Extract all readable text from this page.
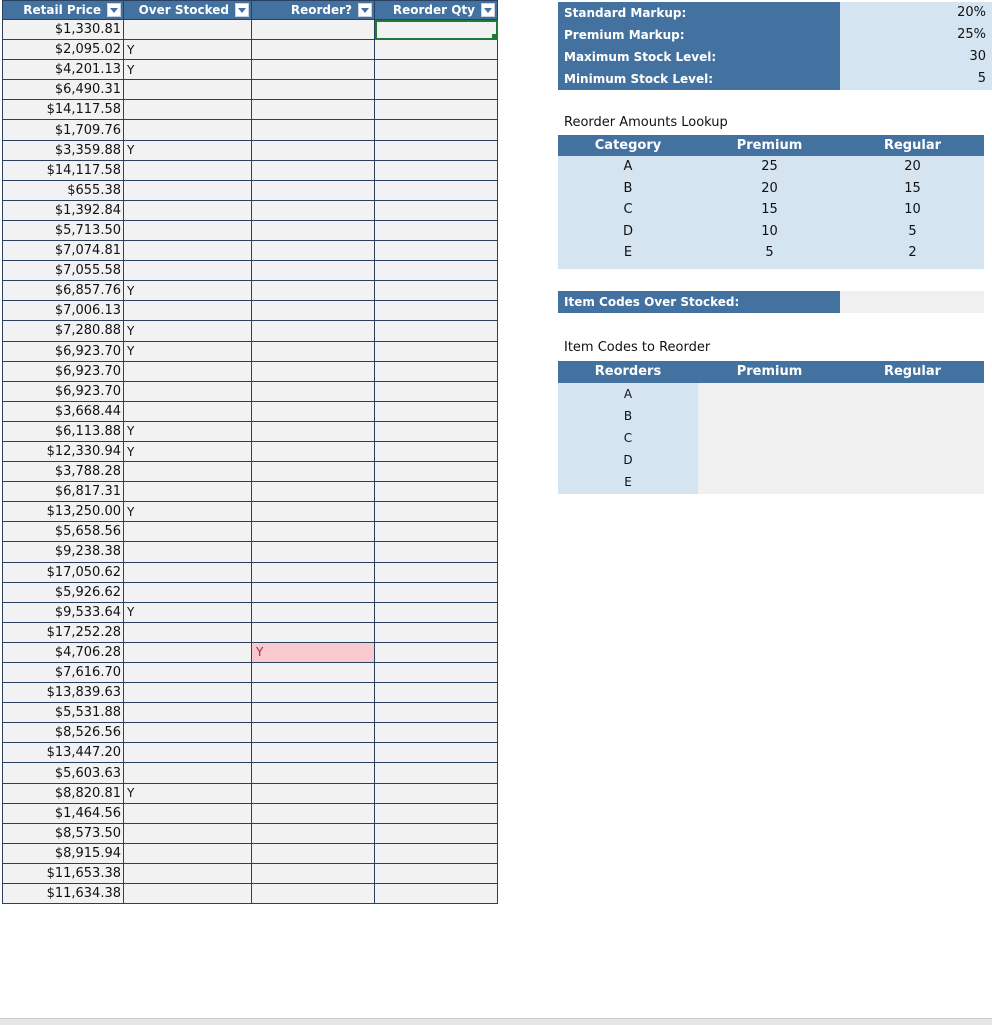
Retail Price	Over Stocked	Reorder?	Reorder Qty

$1,330.81			
$2,095.02	Y		
$4,201.13	Y		
$6,490.31			
$14,117.58			
$1,709.76			
$3,359.88	Y		
$14,117.58			
$655.38			
$1,392.84			
$5,713.50			
$7,074.81			
$7,055.58			
$6,857.76	Y		
$7,006.13			
$7,280.88	Y		
$6,923.70	Y		
$6,923.70			
$6,923.70			
$3,668.44			
$6,113.88	Y		
$12,330.94	Y		
$3,788.28			
$6,817.31			
$13,250.00	Y		
$5,658.56			
$9,238.38			
$17,050.62			
$5,926.62			
$9,533.64	Y		
$17,252.28			
$4,706.28		Y	
$7,616.70			
$13,839.63			
$5,531.88			
$8,526.56			
$13,447.20			
$5,603.63			
$8,820.81	Y		
$1,464.56			
$8,573.50			
$8,915.94			
$11,653.38			
$11,634.38			
Standard Markup:	20%
Premium Markup:	25%
Maximum Stock Level:	30
Minimum Stock Level:	5
Reorder Amounts Lookup
Category	Premium	Regular
A	25	20
B	20	15
C	15	10
D	10	5
E	5	2
Item Codes Over Stocked:
Item Codes to Reorder
Reorders	Premium	Regular
A
B
C
D
E
